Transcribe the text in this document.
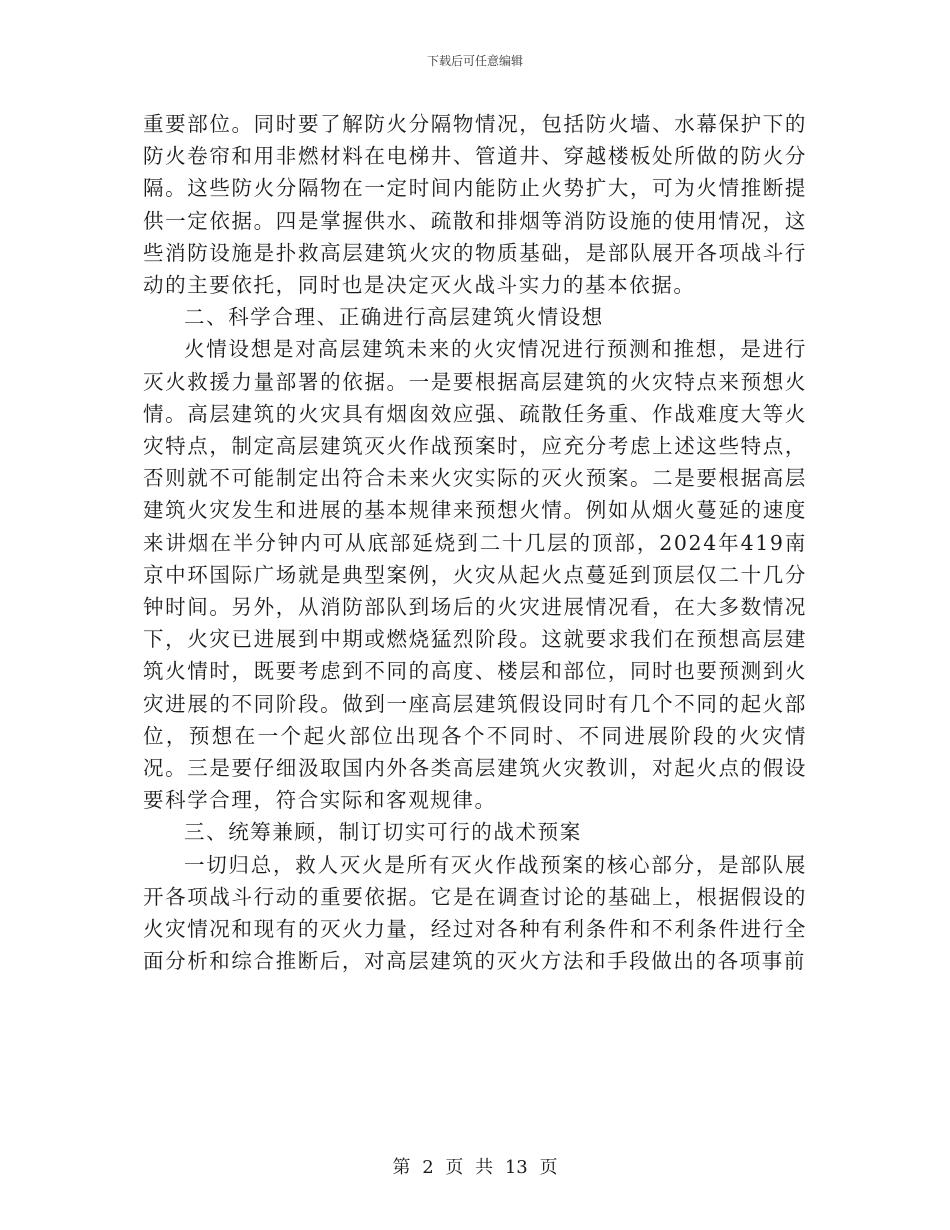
下载后可任意编辑

重要部位。同时要了解防火分隔物情况，包括防火墙、水幕保护下的防火卷帘和用非燃材料在电梯井、管道井、穿越楼板处所做的防火分隔。这些防火分隔物在一定时间内能防止火势扩大，可为火情推断提供一定依据。四是掌握供水、疏散和排烟等消防设施的使用情况，这些消防设施是扑救高层建筑火灾的物质基础，是部队展开各项战斗行动的主要依托，同时也是决定灭火战斗实力的基本依据。

二、科学合理、正确进行高层建筑火情设想

火情设想是对高层建筑未来的火灾情况进行预测和推想，是进行灭火救援力量部署的依据。一是要根据高层建筑的火灾特点来预想火情。高层建筑的火灾具有烟囱效应强、疏散任务重、作战难度大等火灾特点，制定高层建筑灭火作战预案时，应充分考虑上述这些特点，否则就不可能制定出符合未来火灾实际的灭火预案。二是要根据高层建筑火灾发生和进展的基本规律来预想火情。例如从烟火蔓延的速度来讲烟在半分钟内可从底部延烧到二十几层的顶部，2024年419南京中环国际广场就是典型案例，火灾从起火点蔓延到顶层仅二十几分钟时间。另外，从消防部队到场后的火灾进展情况看，在大多数情况下，火灾已进展到中期或燃烧猛烈阶段。这就要求我们在预想高层建筑火情时，既要考虑到不同的高度、楼层和部位，同时也要预测到火灾进展的不同阶段。做到一座高层建筑假设同时有几个不同的起火部位，预想在一个起火部位出现各个不同时、不同进展阶段的火灾情况。三是要仔细汲取国内外各类高层建筑火灾教训，对起火点的假设要科学合理，符合实际和客观规律。

三、统筹兼顾，制订切实可行的战术预案

一切归总，救人灭火是所有灭火作战预案的核心部分，是部队展开各项战斗行动的重要依据。它是在调查讨论的基础上，根据假设的火灾情况和现有的灭火力量，经过对各种有利条件和不利条件进行全面分析和综合推断后，对高层建筑的灭火方法和手段做出的各项事前

第 2 页 共 13 页
